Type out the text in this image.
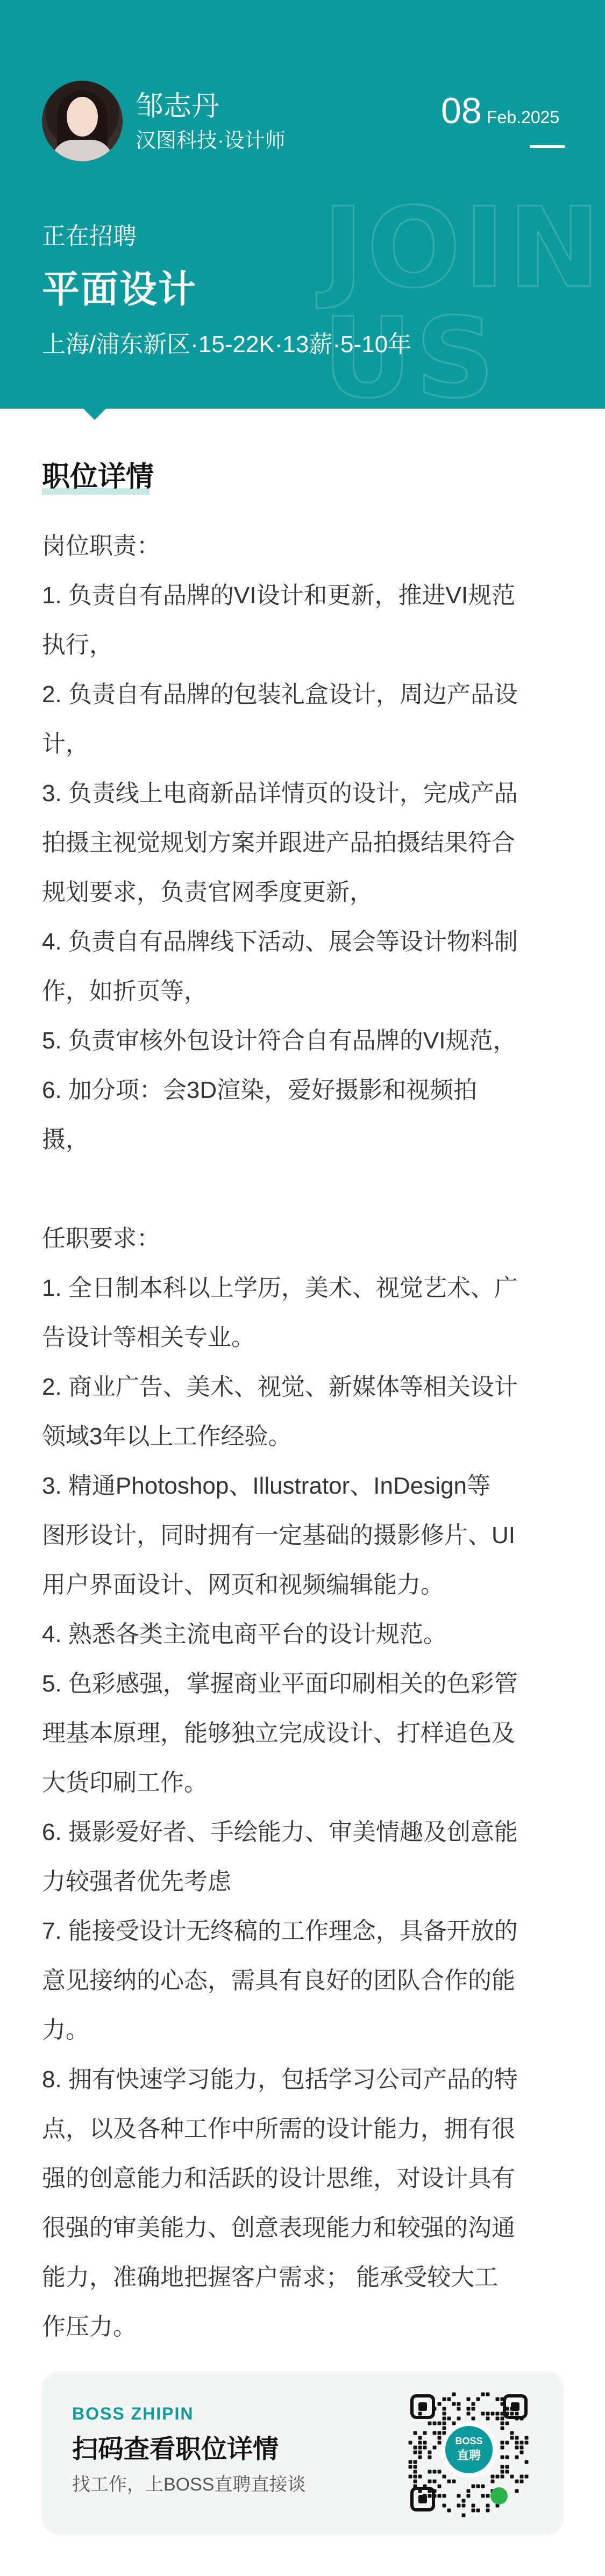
JOIN
US
邹志丹
汉图科技·设计师
08 Feb.2025
正在招聘
平面设计
上海/浦东新区·15-22K·13薪·5-10年
职位详情

岗位职责：

1. 负责自有品牌的VI设计和更新，推进VI规范

执行，

2. 负责自有品牌的包装礼盒设计，周边产品设

计，

3. 负责线上电商新品详情页的设计，完成产品

拍摄主视觉规划方案并跟进产品拍摄结果符合

规划要求，负责官网季度更新，

4. 负责自有品牌线下活动、展会等设计物料制

作，如折页等，

5. 负责审核外包设计符合自有品牌的VI规范，

6. 加分项：会3D渲染，爱好摄影和视频拍

摄，

任职要求：

1. 全日制本科以上学历，美术、视觉艺术、广

告设计等相关专业。

2. 商业广告、美术、视觉、新媒体等相关设计

领域3年以上工作经验。

3. 精通Photoshop、Illustrator、InDesign等

图形设计，同时拥有一定基础的摄影修片、UI

用户界面设计、网页和视频编辑能力。

4. 熟悉各类主流电商平台的设计规范。

5. 色彩感强，掌握商业平面印刷相关的色彩管

理基本原理，能够独立完成设计、打样追色及

大货印刷工作。

6. 摄影爱好者、手绘能力、审美情趣及创意能

力较强者优先考虑

7. 能接受设计无终稿的工作理念，具备开放的

意见接纳的心态，需具有良好的团队合作的能

力。

8. 拥有快速学习能力，包括学习公司产品的特

点，以及各种工作中所需的设计能力，拥有很

强的创意能力和活跃的设计思维，对设计具有

很强的审美能力、创意表现能力和较强的沟通

能力，准确地把握客户需求； 能承受较大工

作压力。

BOSS ZHIPIN
扫码查看职位详情
找工作，上BOSS直聘直接谈
BOSS
直聘
